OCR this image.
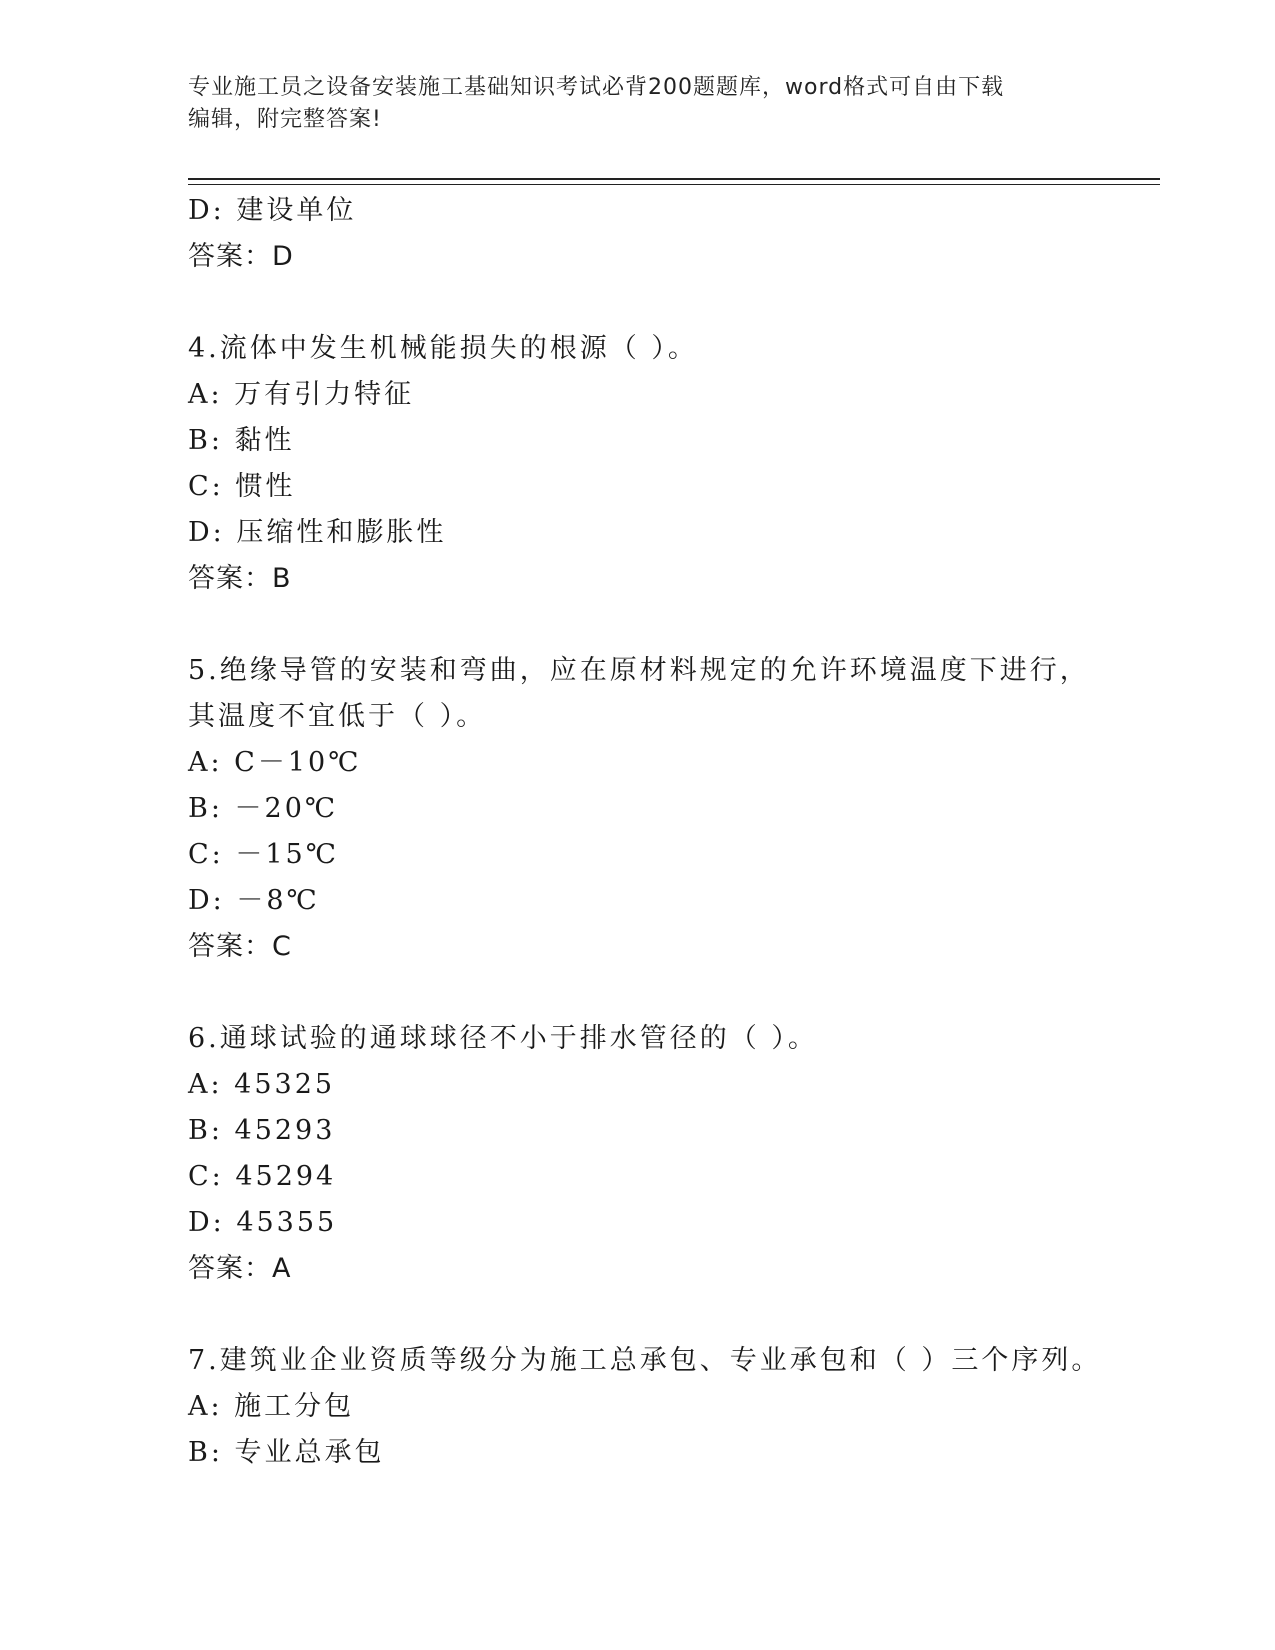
专业施工员之设备安装施工基础知识考试必背200题题库，word格式可自由下载
编辑，附完整答案!
D: 建设单位
答案：D
4.流体中发生机械能损失的根源（ ）。
A: 万有引力特征
B: 黏性
C: 惯性
D: 压缩性和膨胀性
答案：B
5.绝缘导管的安装和弯曲，应在原材料规定的允许环境温度下进行，
其温度不宜低于（ ）。
A: C－10℃
B: －20℃
C: －15℃
D: －8℃
答案：C
6.通球试验的通球球径不小于排水管径的（ ）。
A: 45325
B: 45293
C: 45294
D: 45355
答案：A
7.建筑业企业资质等级分为施工总承包、专业承包和（ ）三个序列。
A: 施工分包
B: 专业总承包
